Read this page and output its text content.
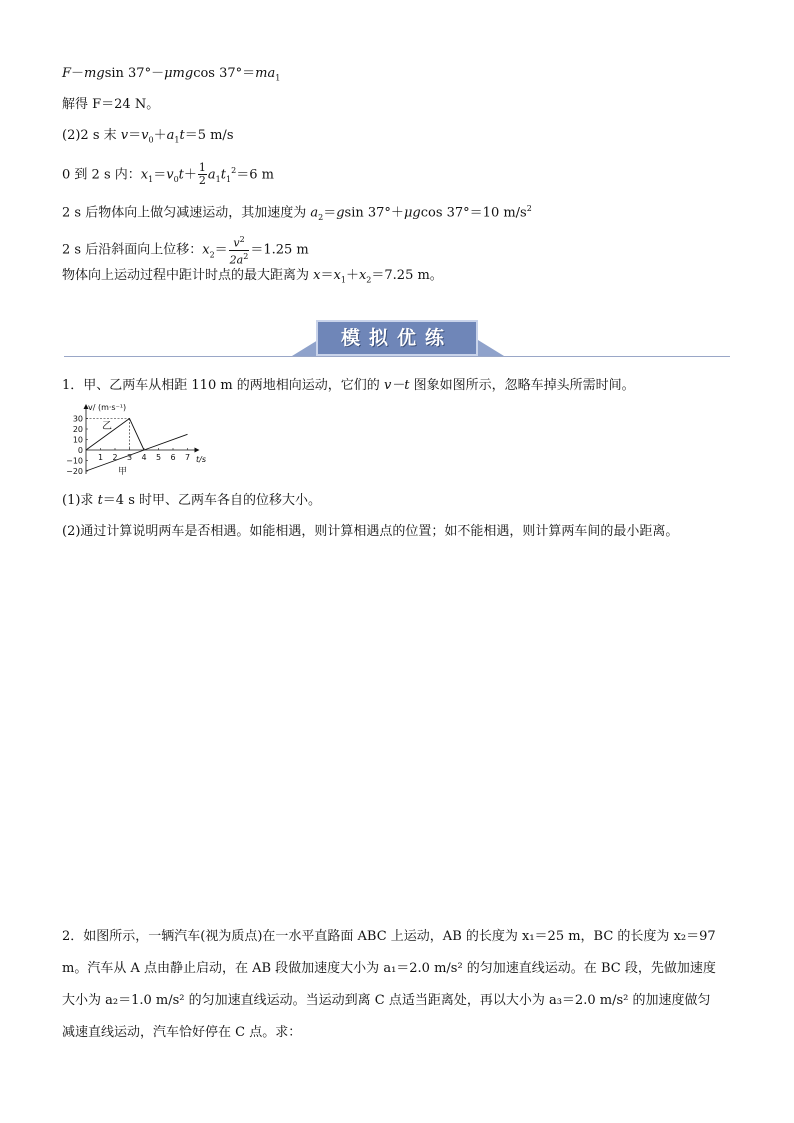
F－mgsin 37°－μmgcos $37^\circ=ma_1$
解得 F＝24 N。
(2)2 s 末 $v=v_0+a_1t=5$ m/s
0 到 2 s 内：$x_1=v_0t+ \frac{1}{2} a_1t_1^2=6$ m
2 s 后物体向上做匀减速运动，其加速度为 $a_2=gsin$ 37°＋μgcos 37°＝10 $m/s^2$
2 s 后沿斜面向上位移：$x_2= \frac{v^2}{2a^2} =1.25$ m
物体向上运动过程中距计时点的最大距离为 $x=x_1+x_2=7.25$ m。
模拟优练
1．甲、乙两车从相距 110 m 的两地相向运动，它们的 v－t 图象如图所示，忽略车掉头所需时间。
30
20
10
0
−10
−20
1 2 3 4 5 6 7
v/ (m·s⁻¹)
t/s
乙
甲
(1)求 t＝4 s 时甲、乙两车各自的位移大小。
(2)通过计算说明两车是否相遇。如能相遇，则计算相遇点的位置；如不能相遇，则计算两车间的最小距离。
2．如图所示，一辆汽车(视为质点)在一水平直路面 ABC 上运动，AB 的长度为 x₁＝25 m，BC 的长度为 x₂＝97
m。汽车从 A 点由静止启动，在 AB 段做加速度大小为 a₁＝2.0 m/s² 的匀加速直线运动。在 BC 段，先做加速度
大小为 a₂＝1.0 m/s² 的匀加速直线运动。当运动到离 C 点适当距离处，再以大小为 a₃＝2.0 m/s² 的加速度做匀
减速直线运动，汽车恰好停在 C 点。求：
